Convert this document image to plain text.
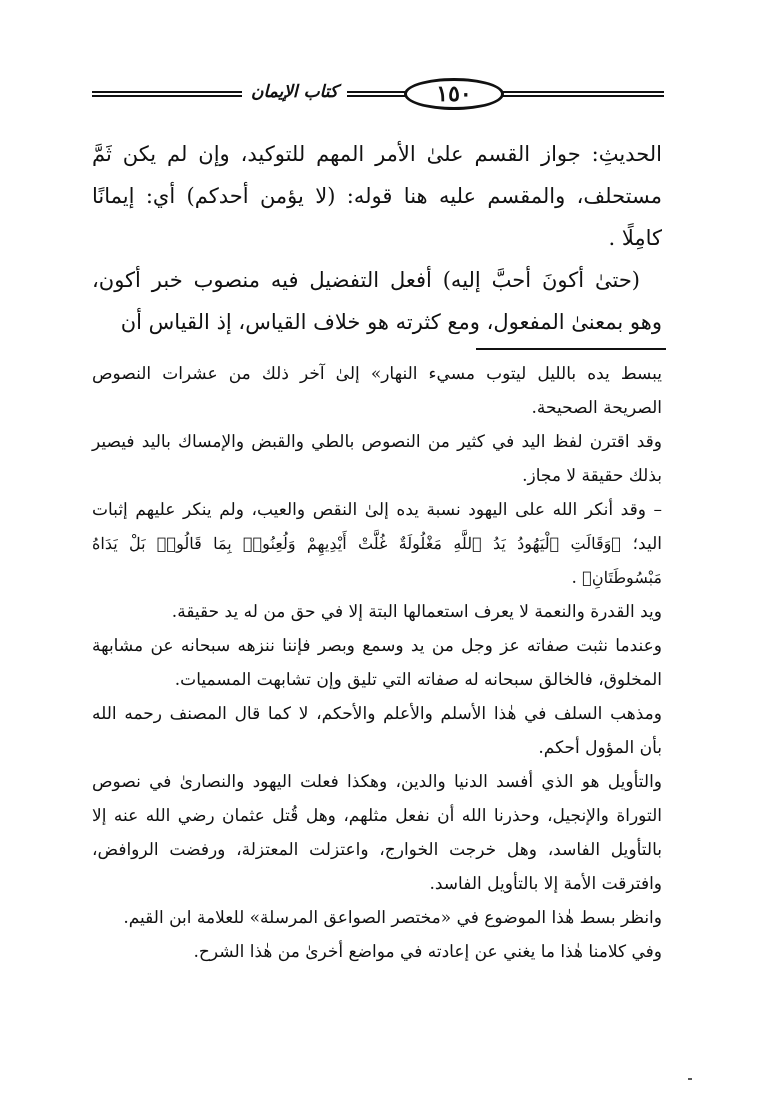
كتاب الإيمان	١٥٠

الحديثِ: جواز القسم علىٰ الأمر المهم للتوكيد، وإن لم يكن ثَمَّ مستحلف، والمقسم عليه هنا قوله: (لا يؤمن أحدكم) أي: إيمانًا كامِلًا .

(حتىٰ أكونَ أحبَّ إليه) أفعل التفضيل فيه منصوب خبر أكون، وهو بمعنىٰ المفعول، ومع كثرته هو خلاف القياس، إذ القياس أن

يبسط يده بالليل ليتوب مسيء النهار» إلىٰ آخر ذلك من عشرات النصوص الصريحة الصحيحة.

وقد اقترن لفظ اليد في كثير من النصوص بالطي والقبض والإمساك باليد فيصير بذلك حقيقة لا مجاز.

– وقد أنكر الله على اليهود نسبة يده إلىٰ النقص والعيب، ولم ينكر عليهم إثبات اليد؛ ﴿وَقَالَتِ ٱلْيَهُودُ يَدُ ٱللَّهِ مَغْلُولَةٌ غُلَّتْ أَيْدِيهِمْ وَلُعِنُوا۟ بِمَا قَالُوا۟ بَلْ يَدَاهُ مَبْسُوطَتَانِ﴾ .

ويد القدرة والنعمة لا يعرف استعمالها البتة إلا في حق من له يد حقيقة.

وعندما نثبت صفاته عز وجل من يد وسمع وبصر فإننا ننزهه سبحانه عن مشابهة المخلوق، فالخالق سبحانه له صفاته التي تليق وإن تشابهت المسميات.

ومذهب السلف في هٰذا الأسلم والأعلم والأحكم، لا كما قال المصنف رحمه الله بأن المؤول أحكم.

والتأويل هو الذي أفسد الدنيا والدين، وهكذا فعلت اليهود والنصارىٰ في نصوص التوراة والإنجيل، وحذرنا الله أن نفعل مثلهم، وهل قُتل عثمان رضي الله عنه إلا بالتأويل الفاسد، وهل خرجت الخوارج، واعتزلت المعتزلة، ورفضت الروافض، وافترقت الأمة إلا بالتأويل الفاسد.

وانظر بسط هٰذا الموضوع في «مختصر الصواعق المرسلة» للعلامة ابن القيم.

وفي كلامنا هٰذا ما يغني عن إعادته في مواضع أخرىٰ من هٰذا الشرح.
